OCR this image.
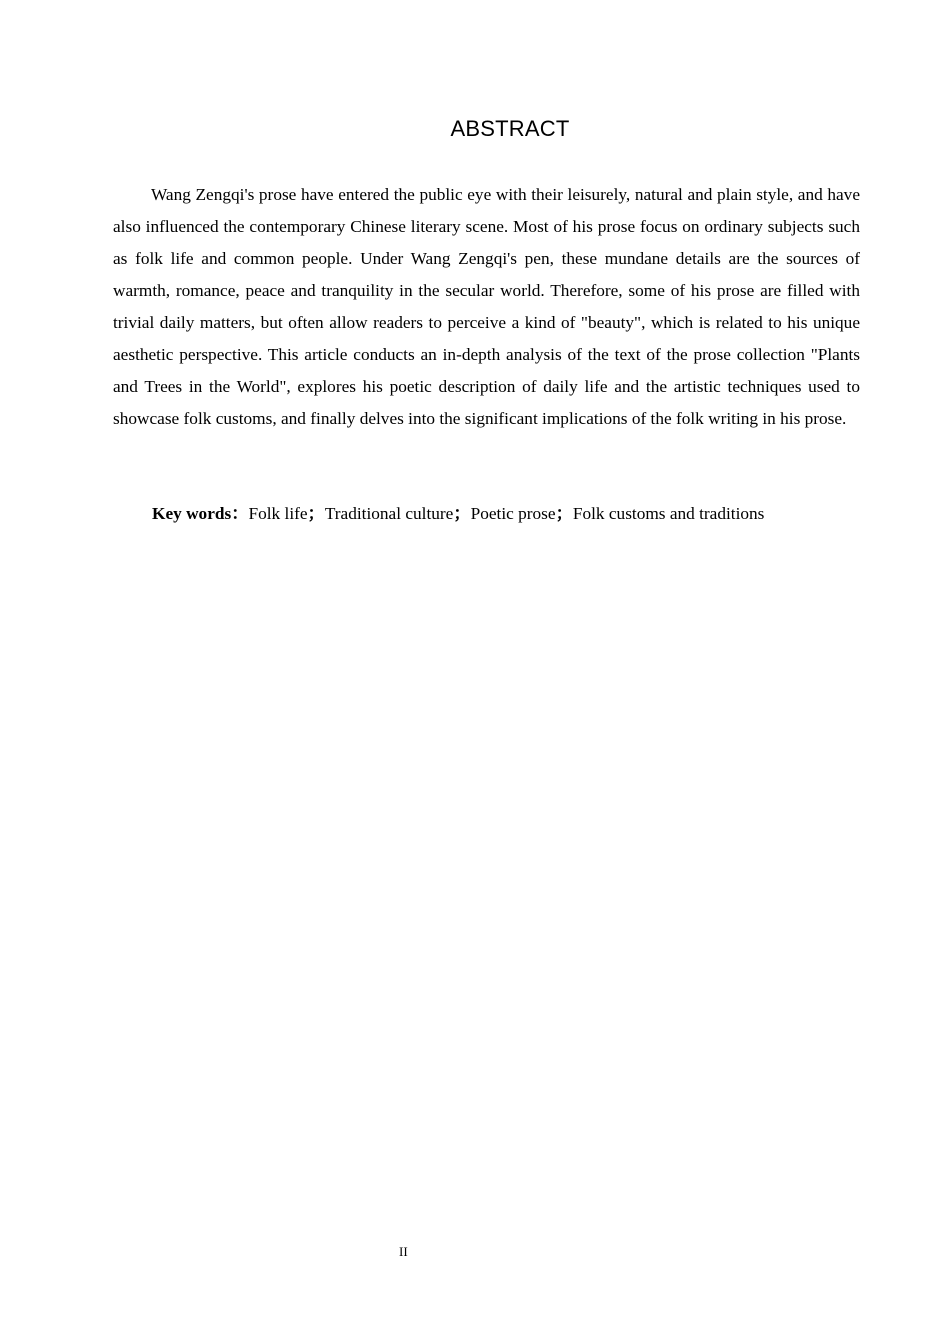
ABSTRACT

Wang Zengqi's prose have entered the public eye with their leisurely, natural and plain style, and have also influenced the contemporary Chinese literary scene. Most of his prose focus on ordinary subjects such as folk life and common people. Under Wang Zengqi's pen, these mundane details are the sources of warmth, romance, peace and tranquility in the secular world. Therefore, some of his prose are filled with trivial daily matters, but often allow readers to perceive a kind of "beauty", which is related to his unique aesthetic perspective. This article conducts an in-depth analysis of the text of the prose collection "Plants and Trees in the World", explores his poetic description of daily life and the artistic techniques used to showcase folk customs, and finally delves into the significant implications of the folk writing in his prose.

Key words：Folk life；Traditional culture；Poetic prose；Folk customs and traditions

II
